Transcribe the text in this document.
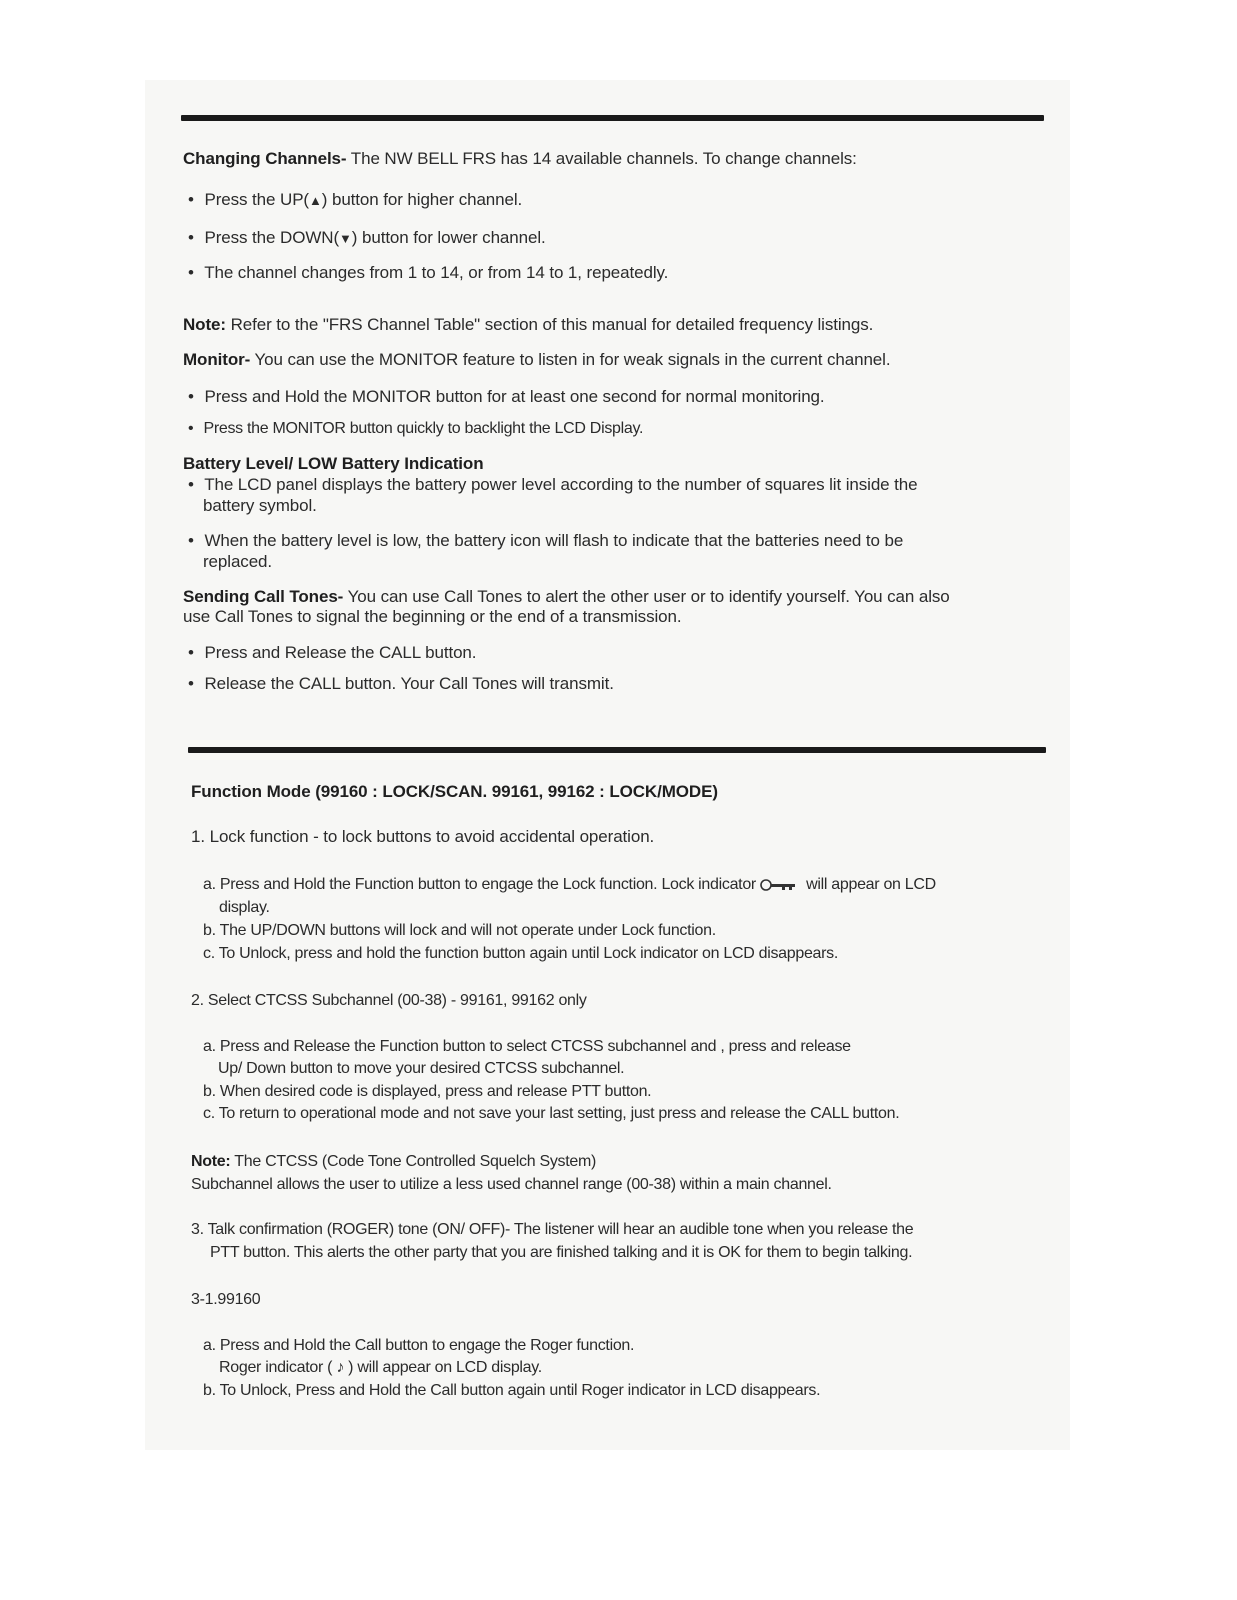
Changing Channels- The NW BELL FRS has 14 available channels. To change channels:
• Press the UP(▲) button for higher channel.
• Press the DOWN(▼) button for lower channel.
• The channel changes from 1 to 14, or from 14 to 1, repeatedly.
Note: Refer to the "FRS Channel Table" section of this manual for detailed frequency listings.
Monitor- You can use the MONITOR feature to listen in for weak signals in the current channel.
• Press and Hold the MONITOR button for at least one second for normal monitoring.
• Press the MONITOR button quickly to backlight the LCD Display.
Battery Level/ LOW Battery Indication
• The LCD panel displays the battery power level according to the number of squares lit inside the
battery symbol.
• When the battery level is low, the battery icon will flash to indicate that the batteries need to be
replaced.
Sending Call Tones- You can use Call Tones to alert the other user or to identify yourself. You can also
use Call Tones to signal the beginning or the end of a transmission.
• Press and Release the CALL button.
• Release the CALL button. Your Call Tones will transmit.
Function Mode (99160 : LOCK/SCAN. 99161, 99162 : LOCK/MODE)
1. Lock function - to lock buttons to avoid accidental operation.
a. Press and Hold the Function button to engage the Lock function. Lock indicator	will appear on LCD
display.
b. The UP/DOWN buttons will lock and will not operate under Lock function.
c. To Unlock, press and hold the function button again until Lock indicator on LCD disappears.
2. Select CTCSS Subchannel (00-38) - 99161, 99162 only
a. Press and Release the Function button to select CTCSS subchannel and , press and release
Up/ Down button to move your desired CTCSS subchannel.
b. When desired code is displayed, press and release PTT button.
c. To return to operational mode and not save your last setting, just press and release the CALL button.
Note: The CTCSS (Code Tone Controlled Squelch System)
Subchannel allows the user to utilize a less used channel range (00-38) within a main channel.
3. Talk confirmation (ROGER) tone (ON/ OFF)- The listener will hear an audible tone when you release the
PTT button. This alerts the other party that you are finished talking and it is OK for them to begin talking.
3-1.99160
a. Press and Hold the Call button to engage the Roger function.
Roger indicator ( ♪ ) will appear on LCD display.
b. To Unlock, Press and Hold the Call button again until Roger indicator in LCD disappears.
